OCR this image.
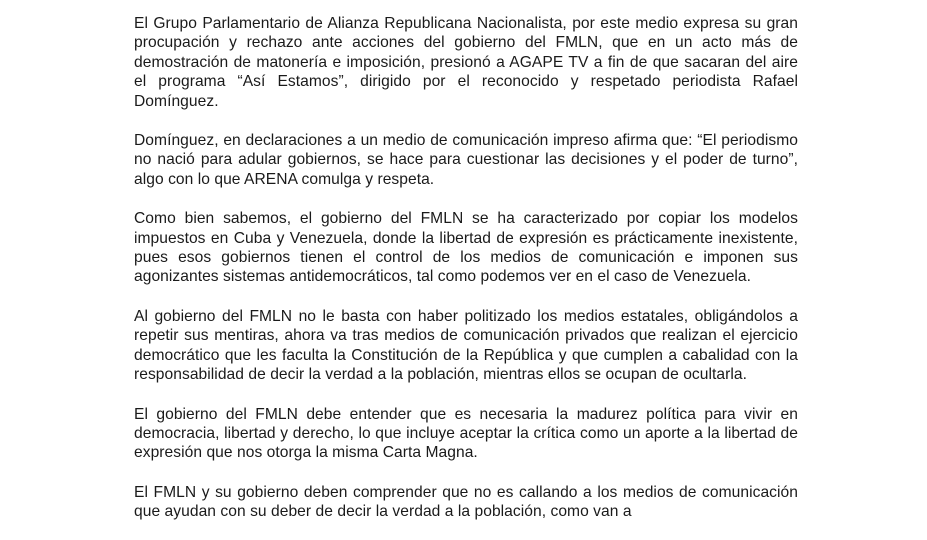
El Grupo Parlamentario de Alianza Republicana Nacionalista, por este medio expresa su gran procupación y rechazo ante acciones del gobierno del FMLN, que en un acto más de demostración de matonería e imposición, presionó a AGAPE TV a fin de que sacaran del aire el programa “Así Estamos”, dirigido por el reconocido y respetado periodista Rafael Domínguez.

Domínguez, en declaraciones a un medio de comunicación impreso afirma que: “El periodismo no nació para adular gobiernos, se hace para cuestionar las decisiones y el poder de turno”, algo con lo que ARENA comulga y respeta.

Como bien sabemos, el gobierno del FMLN se ha caracterizado por copiar los modelos impuestos en Cuba y Venezuela, donde la libertad de expresión es prácticamente inexistente, pues esos gobiernos tienen el control de los medios de comunicación e imponen sus agonizantes sistemas antidemocráticos, tal como podemos ver en el caso de Venezuela.

Al gobierno del FMLN no le basta con haber politizado los medios estatales, obligándolos a repetir sus mentiras, ahora va tras medios de comunicación privados que realizan el ejercicio democrático que les faculta la Constitución de la República y que cumplen a cabalidad con la responsabilidad de decir la verdad a la población, mientras ellos se ocupan de ocultarla.

El gobierno del FMLN debe entender que es necesaria la madurez política para vivir en democracia, libertad y derecho, lo que incluye aceptar la crítica como un aporte a la libertad de expresión que nos otorga la misma Carta Magna.

El FMLN y su gobierno deben comprender que no es callando a los medios de comunicación que ayudan con su deber de decir la verdad a la población, como van a
